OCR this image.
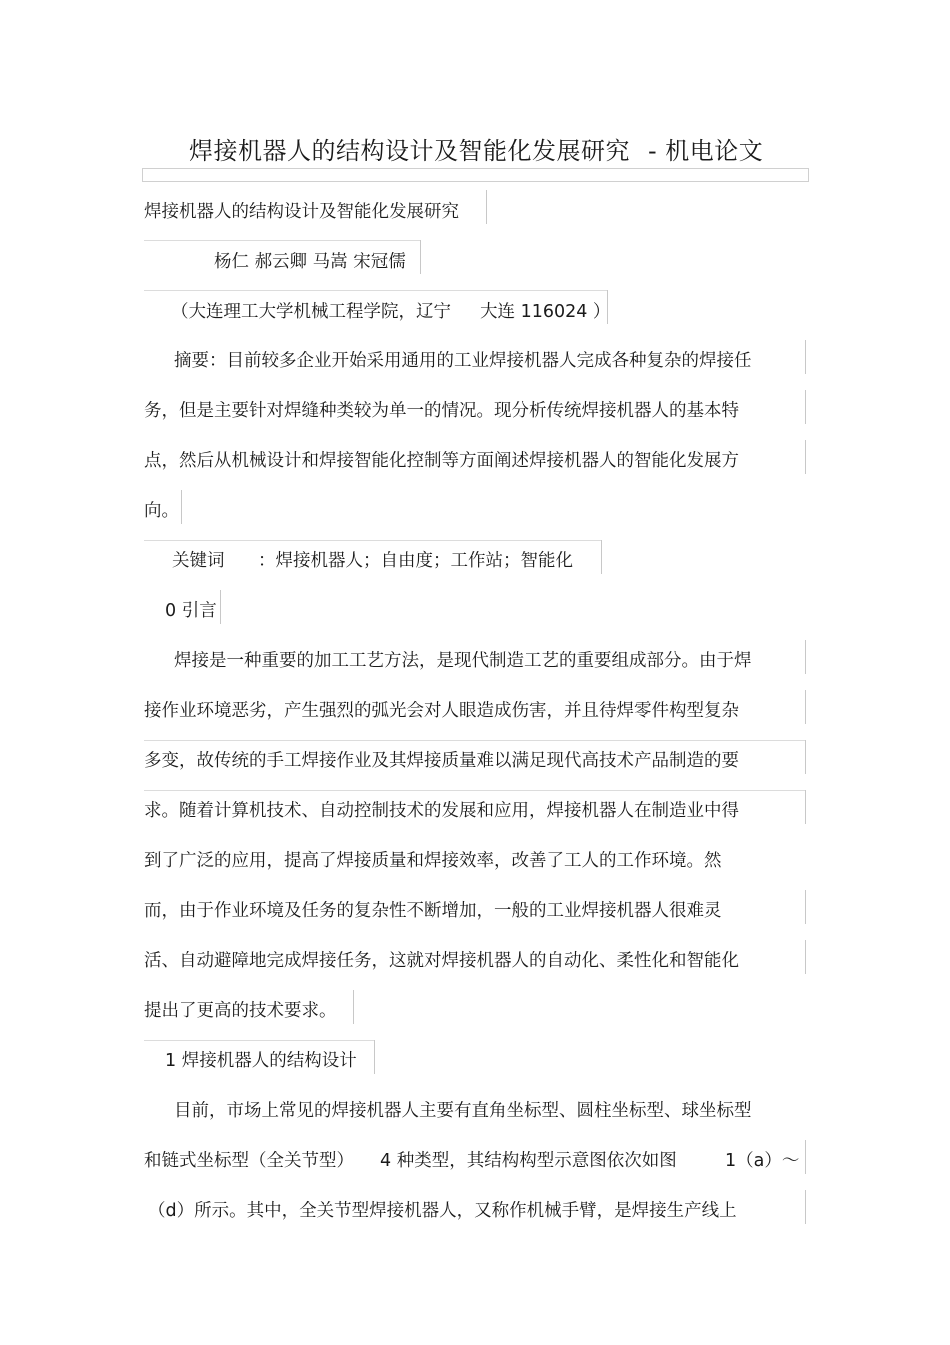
焊接机器人的结构设计及智能化发展研究 - 机电论文
焊接机器人的结构设计及智能化发展研究
杨仁 郝云卿 马嵩 宋冠儒
（大连理工大学机械工程学院，辽宁 大连 116024 ）
摘要：目前较多企业开始采用通用的工业焊接机器人完成各种复杂的焊接任
务，但是主要针对焊缝种类较为单一的情况。现分析传统焊接机器人的基本特
点，然后从机械设计和焊接智能化控制等方面阐述焊接机器人的智能化发展方
向。
关键词 ：焊接机器人；自由度；工作站；智能化
0 引言
焊接是一种重要的加工工艺方法，是现代制造工艺的重要组成部分。由于焊
接作业环境恶劣，产生强烈的弧光会对人眼造成伤害，并且待焊零件构型复杂
多变，故传统的手工焊接作业及其焊接质量难以满足现代高技术产品制造的要
求。随着计算机技术、自动控制技术的发展和应用，焊接机器人在制造业中得
到了广泛的应用，提高了焊接质量和焊接效率，改善了工人的工作环境。然
而，由于作业环境及任务的复杂性不断增加，一般的工业焊接机器人很难灵
活、自动避障地完成焊接任务，这就对焊接机器人的自动化、柔性化和智能化
提出了更高的技术要求。
1 焊接机器人的结构设计
目前，市场上常见的焊接机器人主要有直角坐标型、圆柱坐标型、球坐标型
和链式坐标型（全关节型） 4 种类型，其结构构型示意图依次如图	1（a）～
（d）所示。其中，全关节型焊接机器人，又称作机械手臂，是焊接生产线上
